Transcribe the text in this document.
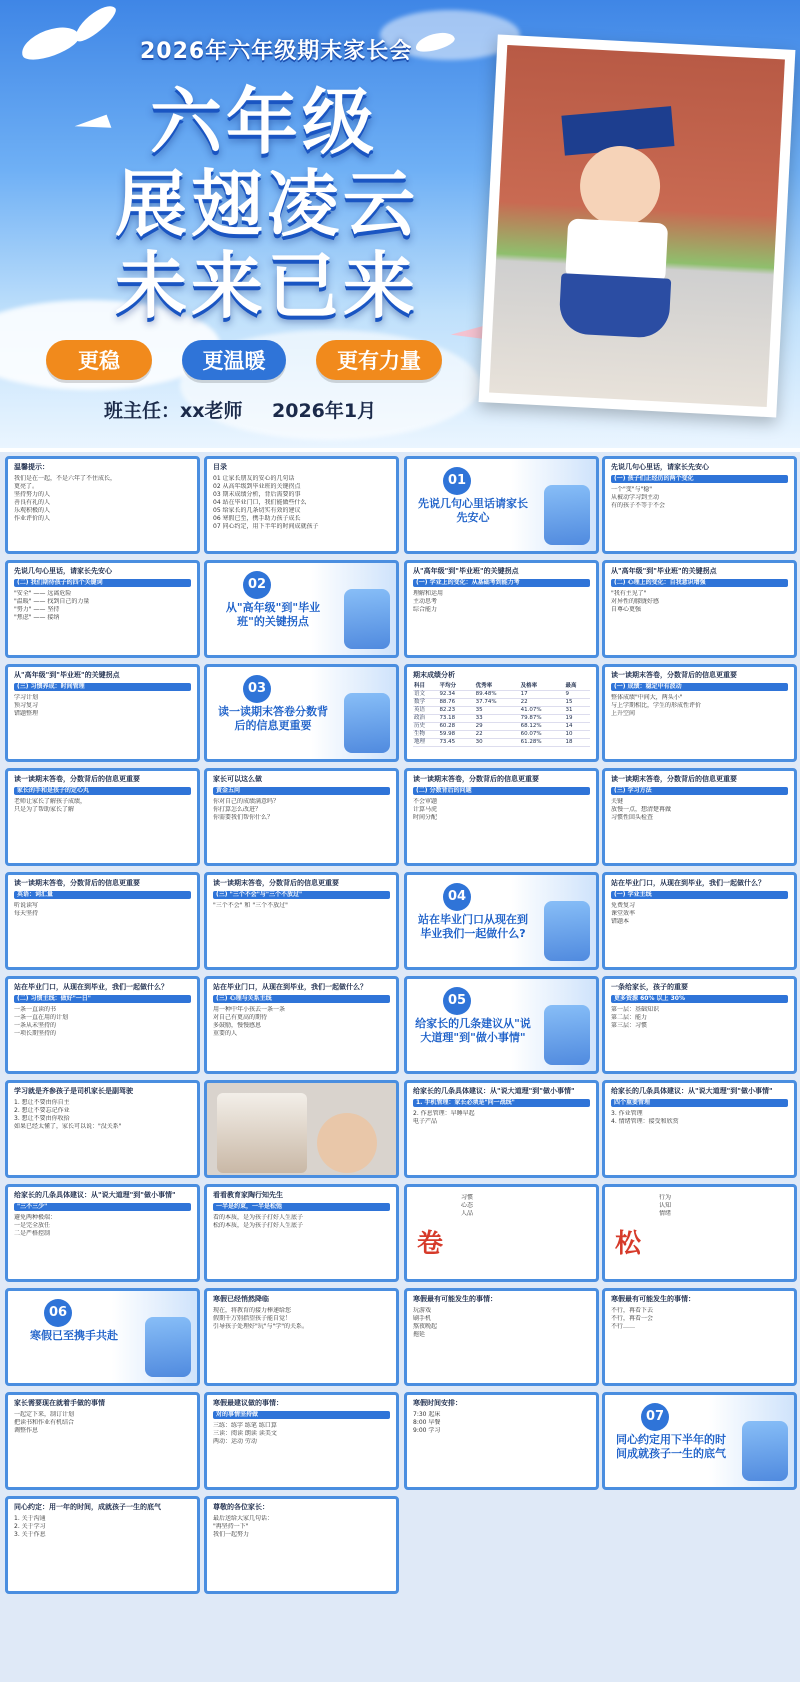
2026年六年级期末家长会
六年级
展翅凌云
未来已来
更稳	更温暖	更有力量
班主任：xx老师 2026年1月
温馨提示：
我们是在一起，不是六年了不住成长，
更亮了。
坚持努力的人
善良有礼的人
乐观积极的人
作业评价的人
目录
01 让家长朋友的安心的几句话
02 从高年级到毕业班的关键拐点
03 期末成绩分析，背后需要的事
04 站在毕业门口，我们能做些什么
05 给家长的几条切实有效的建议
06 寒假已至，携手助力孩子成长
07 同心约定，用下半年的时间成就孩子
01
先说几句心里话请家长先安心
先说几句心里话，请家长先安心
(一) 孩子们正经历的两个变化
一个"变"与"稳"
从被动学习到主动
有的孩子不等于不会
先说几句心里话，请家长先安心
(二) 我们期待孩子的四个关键词
"安全" —— 远离危险
"温暖" —— 找到自己的力量
"努力" —— 坚持
"焦虑" —— 接纳
02
从"高年级"到"毕业班"的关键拐点
从"高年级"到"毕业班"的关键拐点
(一) 学业上的变化：从基础考到能力考
理解和运用
主动思考
综合能力
从"高年级"到"毕业班"的关键拐点
(二) 心理上的变化：自我意识增强
"我有主见了"
对异性的朦胧好感
自尊心更强
从"高年级"到"毕业班"的关键拐点
(三) 习惯养成：时间管理
学习计划
预习复习
错题整理
03
读一读期末答卷分数背后的信息更重要
期末成绩分析
科目	平均分	优秀率	及格率	最高
语文	92.34	89.48%	17	9
数学	88.76	37.74%	22	15
英语	82.23	35	41.07%	31
政治	73.18	33	79.87%	19
历史	60.28	29	68.12%	14
生物	59.98	22	60.07%	10
地理	73.45	30	61.28%	18
读一读期末答卷，分数背后的信息更重要
(一) 成绩：稳定中有波动
整体成绩"中间大，两头小"
与上学期相比，学生的形成性评价
上升空间
读一读期末答卷，分数背后的信息更重要
家长的手和是孩子的定心丸
老师让家长了解孩子成绩，
只是为了帮助家长了解
家长可以这么做
黄金五问
你对自己的成绩满意吗？
你打算怎么改进？
你需要我们帮你什么？
读一读期末答卷，分数背后的信息更重要
(二) 分数背后的问题
不会审题
计算马虎
时间分配
读一读期末答卷，分数背后的信息更重要
(三) 学习方法
关键
放慢一点，想清楚再做
习惯性回头检查
读一读期末答卷，分数背后的信息更重要
英语：词汇量
听说读写
每天坚持
读一读期末答卷，分数背后的信息更重要
(三) "三个不会"与"三个不放过"
"三个不会" 和 "三个不放过"
04
站在毕业门口从现在到毕业我们一起做什么?
站在毕业门口，从现在到毕业，我们一起做什么？
(一) 学业主线
免费复习
课堂效率
错题本
站在毕业门口，从现在到毕业，我们一起做什么？
(二) 习惯主线：做好"一日"
一条一直读的书
一条一直在用的计划
一条从未坚持的
一项长期坚持的
站在毕业门口，从现在到毕业，我们一起做什么？
(三) 心理与关系主线
用一种中年小孩去一条一条
对自己有更高的期待
多鼓励，慢慢感恩
重要的人
05
给家长的几条建议从"说大道理"到"做小事情"
一条给家长，孩子的重要
更多资源 60% 以上 30%
第一层：基础知识
第二层：能力
第三层：习惯
学习就是齐参孩子是司机家长是副驾驶
1. 想让不要由你自主
2. 想让不要忘记作业
3. 想让不要由你收拾
如果已经太懂了，家长可以说："没关系"
给家长的几条具体建议：从"说大道理"到"做小事情"
1. 手机管理：家长必须是"同一战线"
2. 作息管理：早睡早起
电子产品
给家长的几条具体建议：从"说大道理"到"做小事情"
四个重要管理
3. 作业管理
4. 情绪管理：接受和欣赏
给家长的几条具体建议：从"说大道理"到"做小事情"
"三不三少"
避免两种极端：
一是完全放任
二是严格控制
看看教育家陶行知先生
一半是约束，一半是松弛
看的本质，是为孩子打好人生底子
松的本质，是为孩子打好人生底子
卷
习惯
心态
人品
松
行为
认知
情绪
06
寒假已至携手共赴
寒假已经悄然降临
现在，将教育的接力棒递给您
假期千万别指望孩子能自觉！
引导孩子处理好"玩"与"学"的关系。
寒假最有可能发生的事情：
玩游戏
刷手机
熬夜晚起
拖延
寒假最有可能发生的事情：
不行，再看下去
不行，再看一会
不行……
家长需要现在就着手做的事情
一起定下来，制订计划
把读书和作业有机结合
调整作息
寒假最建议做的事情：
对的事情坚持做
三练：练字 练笔 练口算
三读：阅读 朗读 读美文
两动：运动 劳动
寒假时间安排：
7:30 起床
8:00 早餐
9:00 学习
07
同心约定用下半年的时间成就孩子一生的底气
同心约定：用一年的时间，成就孩子一生的底气
1. 关于沟通
2. 关于学习
3. 关于作息
尊敬的各位家长：
最后送给大家几句话：
"再坚持一下"
我们一起努力
